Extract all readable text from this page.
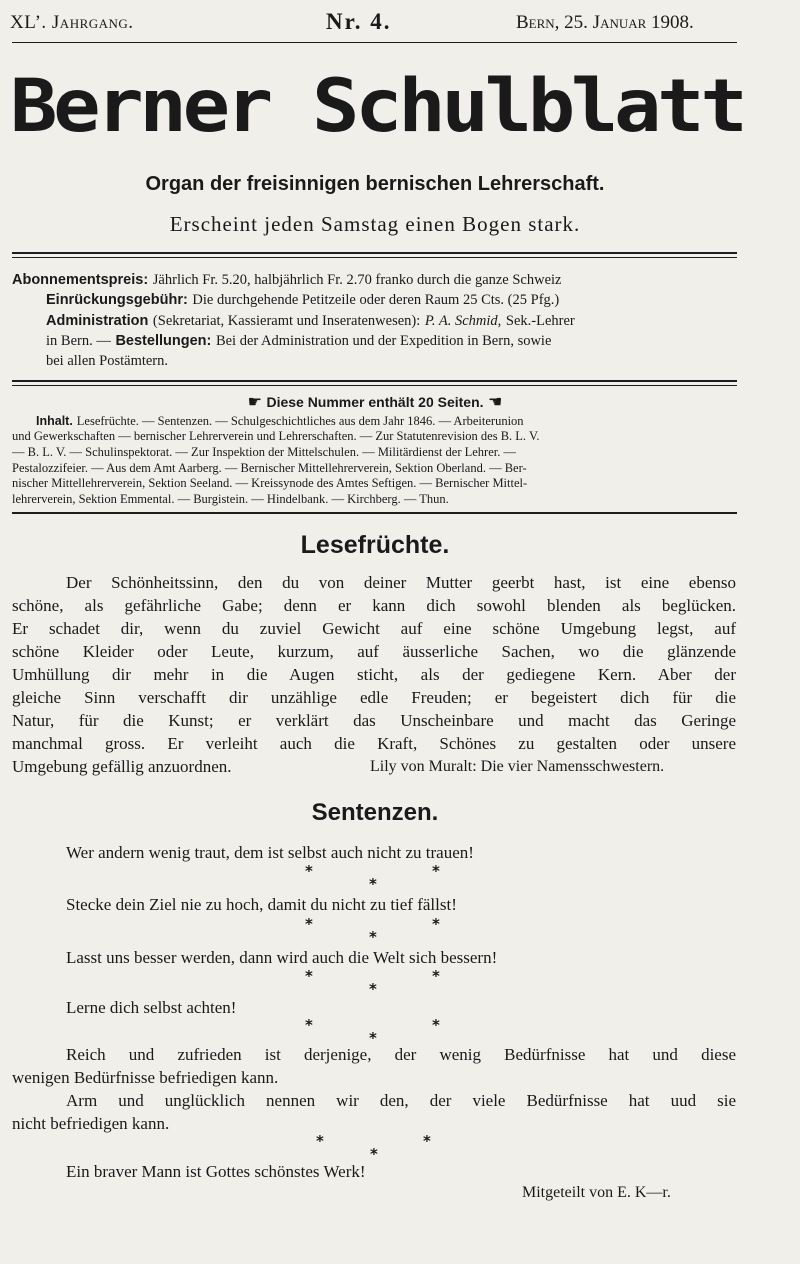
XL’. Jahrgang.	Nr. 4.	Bern, 25. Januar 1908.
Berner Schulblatt
Organ der freisinnigen bernischen Lehrerschaft.
Erscheint jeden Samstag einen Bogen stark.
Abonnementspreis: Jährlich Fr. 5.20, halbjährlich Fr. 2.70 franko durch die ganze Schweiz
Einrückungsgebühr: Die durchgehende Petitzeile oder deren Raum 25 Cts. (25 Pfg.)
Administration (Sekretariat, Kassieramt und Inseratenwesen): P. A. Schmid, Sek.-Lehrer
in Bern. — Bestellungen: Bei der Administration und der Expedition in Bern, sowie
bei allen Postämtern.
☛ Diese Nummer enthält 20 Seiten. ☛
Inhalt. Lesefrüchte. — Sentenzen. — Schulgeschichtliches aus dem Jahr 1846. — Arbeiterunion
und Gewerkschaften — bernischer Lehrerverein und Lehrerschaften. — Zur Statutenrevision des B. L. V.
— B. L. V. — Schulinspektorat. — Zur Inspektion der Mittelschulen. — Militärdienst der Lehrer. —
Pestalozzifeier. — Aus dem Amt Aarberg. — Bernischer Mittellehrerverein, Sektion Oberland. — Ber-
nischer Mittellehrerverein, Sektion Seeland. — Kreissynode des Amtes Seftigen. — Bernischer Mittel-
lehrerverein, Sektion Emmental. — Burgistein. — Hindelbank. — Kirchberg. — Thun.
Lesefrüchte.
Der Schönheitssinn, den du von deiner Mutter geerbt hast, ist eine ebenso
schöne, als gefährliche Gabe; denn er kann dich sowohl blenden als beglücken.
Er schadet dir, wenn du zuviel Gewicht auf eine schöne Umgebung legst, auf
schöne Kleider oder Leute, kurzum, auf äusserliche Sachen, wo die glänzende
Umhüllung dir mehr in die Augen sticht, als der gediegene Kern. Aber der
gleiche Sinn verschafft dir unzählige edle Freuden; er begeistert dich für die
Natur, für die Kunst; er verklärt das Unscheinbare und macht das Geringe
manchmal gross. Er verleiht auch die Kraft, Schönes zu gestalten oder unsere
Umgebung gefällig anzuordnen.	Lily von Muralt: Die vier Namensschwestern.
Sentenzen.
Wer andern wenig traut, dem ist selbst auch nicht zu trauen!
*
*
*
Stecke dein Ziel nie zu hoch, damit du nicht zu tief fällst!
*
*
*
Lasst uns besser werden, dann wird auch die Welt sich bessern!
*
*
*
Lerne dich selbst achten!
*
*
*
Reich und zufrieden ist derjenige, der wenig Bedürfnisse hat und diese
wenigen Bedürfnisse befriedigen kann.
Arm und unglücklich nennen wir den, der viele Bedürfnisse hat uud sie
nicht befriedigen kann.
*
*
*
Ein braver Mann ist Gottes schönstes Werk!
Mitgeteilt von E. K—r.
